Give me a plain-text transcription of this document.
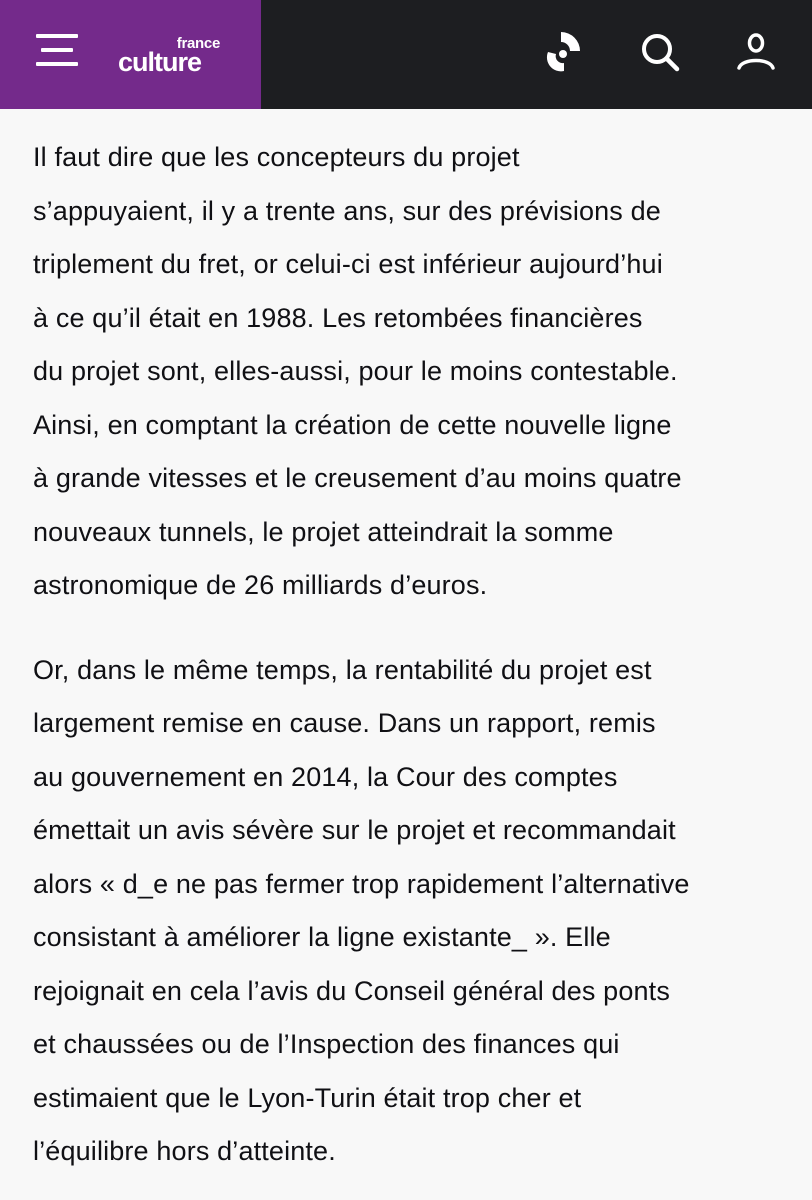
france
culture

Il faut dire que les concepteurs du projet
s’appuyaient, il y a trente ans, sur des prévisions de
triplement du fret, or celui-ci est inférieur aujourd’hui
à ce qu’il était en 1988. Les retombées financières
du projet sont, elles-aussi, pour le moins contestable.
Ainsi, en comptant la création de cette nouvelle ligne
à grande vitesses et le creusement d’au moins quatre
nouveaux tunnels, le projet atteindrait la somme
astronomique de 26 milliards d’euros.

Or, dans le même temps, la rentabilité du projet est
largement remise en cause. Dans un rapport, remis
au gouvernement en 2014, la Cour des comptes
émettait un avis sévère sur le projet et recommandait
alors « d_e ne pas fermer trop rapidement l’alternative
consistant à améliorer la ligne existante_ ». Elle
rejoignait en cela l’avis du Conseil général des ponts
et chaussées ou de l’Inspection des finances qui
estimaient que le Lyon-Turin était trop cher et
l’équilibre hors d’atteinte.
